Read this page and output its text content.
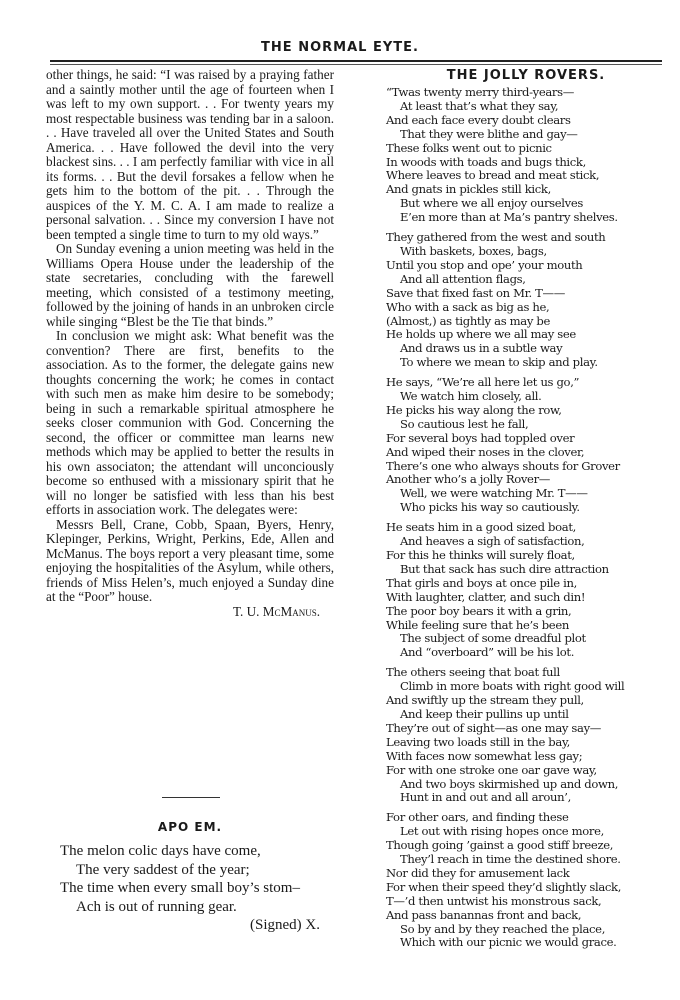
THE NORMAL EYTE.

other things, he said: “I was raised by a praying father and a saintly mother until the age of fourteen when I was left to my own support. . . For twenty years my most respectable business was tending bar in a saloon. . . Have traveled all over the United States and South America. . . Have followed the devil into the very blackest sins. . . I am perfectly familiar with vice in all its forms. . . But the devil forsakes a fellow when he gets him to the bottom of the pit. . . Through the auspices of the Y. M. C. A. I am made to realize a personal salvation. . . Since my conversion I have not been tempted a single time to turn to my old ways.”

On Sunday evening a union meeting was held in the Williams Opera House under the leadership of the state secretaries, concluding with the farewell meeting, which consisted of a testimony meeting, followed by the joining of hands in an unbroken circle while singing “Blest be the Tie that binds.”

In conclusion we might ask: What benefit was the convention? There are first, benefits to the association. As to the former, the delegate gains new thoughts concerning the work; he comes in contact with such men as make him desire to be somebody; being in such a remarkable spiritual atmosphere he seeks closer communion with God. Concerning the second, the officer or committee man learns new methods which may be applied to better the results in his own associaton; the attendant will unconciously become so enthused with a missionary spirit that he will no longer be satisfied with less than his best efforts in association work. The delegates were:

Messrs Bell, Crane, Cobb, Spaan, Byers, Henry, Klepinger, Perkins, Wright, Perkins, Ede, Allen and McManus. The boys report a very pleasant time, some enjoying the hospitalities of the Asylum, while others, friends of Miss Helen’s, much enjoyed a Sunday dine at the “Poor” house.

T. U. McManus.
APO EM.
The melon colic days have come,
The very saddest of the year;
The time when every small boy’s stom–
Ach is out of running gear.
(Signed) X.
THE JOLLY ROVERS.
“Twas twenty merry third-years—
At least that’s what they say,
And each face every doubt clears
That they were blithe and gay—
These folks went out to picnic
In woods with toads and bugs thick,
Where leaves to bread and meat stick,
And gnats in pickles still kick,
But where we all enjoy ourselves
E’en more than at Ma’s pantry shelves.
They gathered from the west and south
With baskets, boxes, bags,
Until you stop and ope’ your mouth
And all attention flags,
Save that fixed fast on Mr. T——
Who with a sack as big as he,
(Almost,) as tightly as may be
He holds up where we all may see
And draws us in a subtle way
To where we mean to skip and play.
He says, “We’re all here let us go,”
We watch him closely, all.
He picks his way along the row,
So cautious lest he fall,
For several boys had toppled over
And wiped their noses in the clover,
There’s one who always shouts for Grover
Another who’s a jolly Rover—
Well, we were watching Mr. T——
Who picks his way so cautiously.
He seats him in a good sized boat,
And heaves a sigh of satisfaction,
For this he thinks will surely float,
But that sack has such dire attraction
That girls and boys at once pile in,
With laughter, clatter, and such din!
The poor boy bears it with a grin,
While feeling sure that he’s been
The subject of some dreadful plot
And “overboard” will be his lot.
The others seeing that boat full
Climb in more boats with right good will
And swiftly up the stream they pull,
And keep their pullins up until
They’re out of sight—as one may say—
Leaving two loads still in the bay,
With faces now somewhat less gay;
For with one stroke one oar gave way,
And two boys skirmished up and down,
Hunt in and out and all aroun’,
For other oars, and finding these
Let out with rising hopes once more,
Though going ’gainst a good stiff breeze,
They’l reach in time the destined shore.
Nor did they for amusement lack
For when their speed they’d slightly slack,
T—’d then untwist his monstrous sack,
And pass banannas front and back,
So by and by they reached the place,
Which with our picnic we would grace.
